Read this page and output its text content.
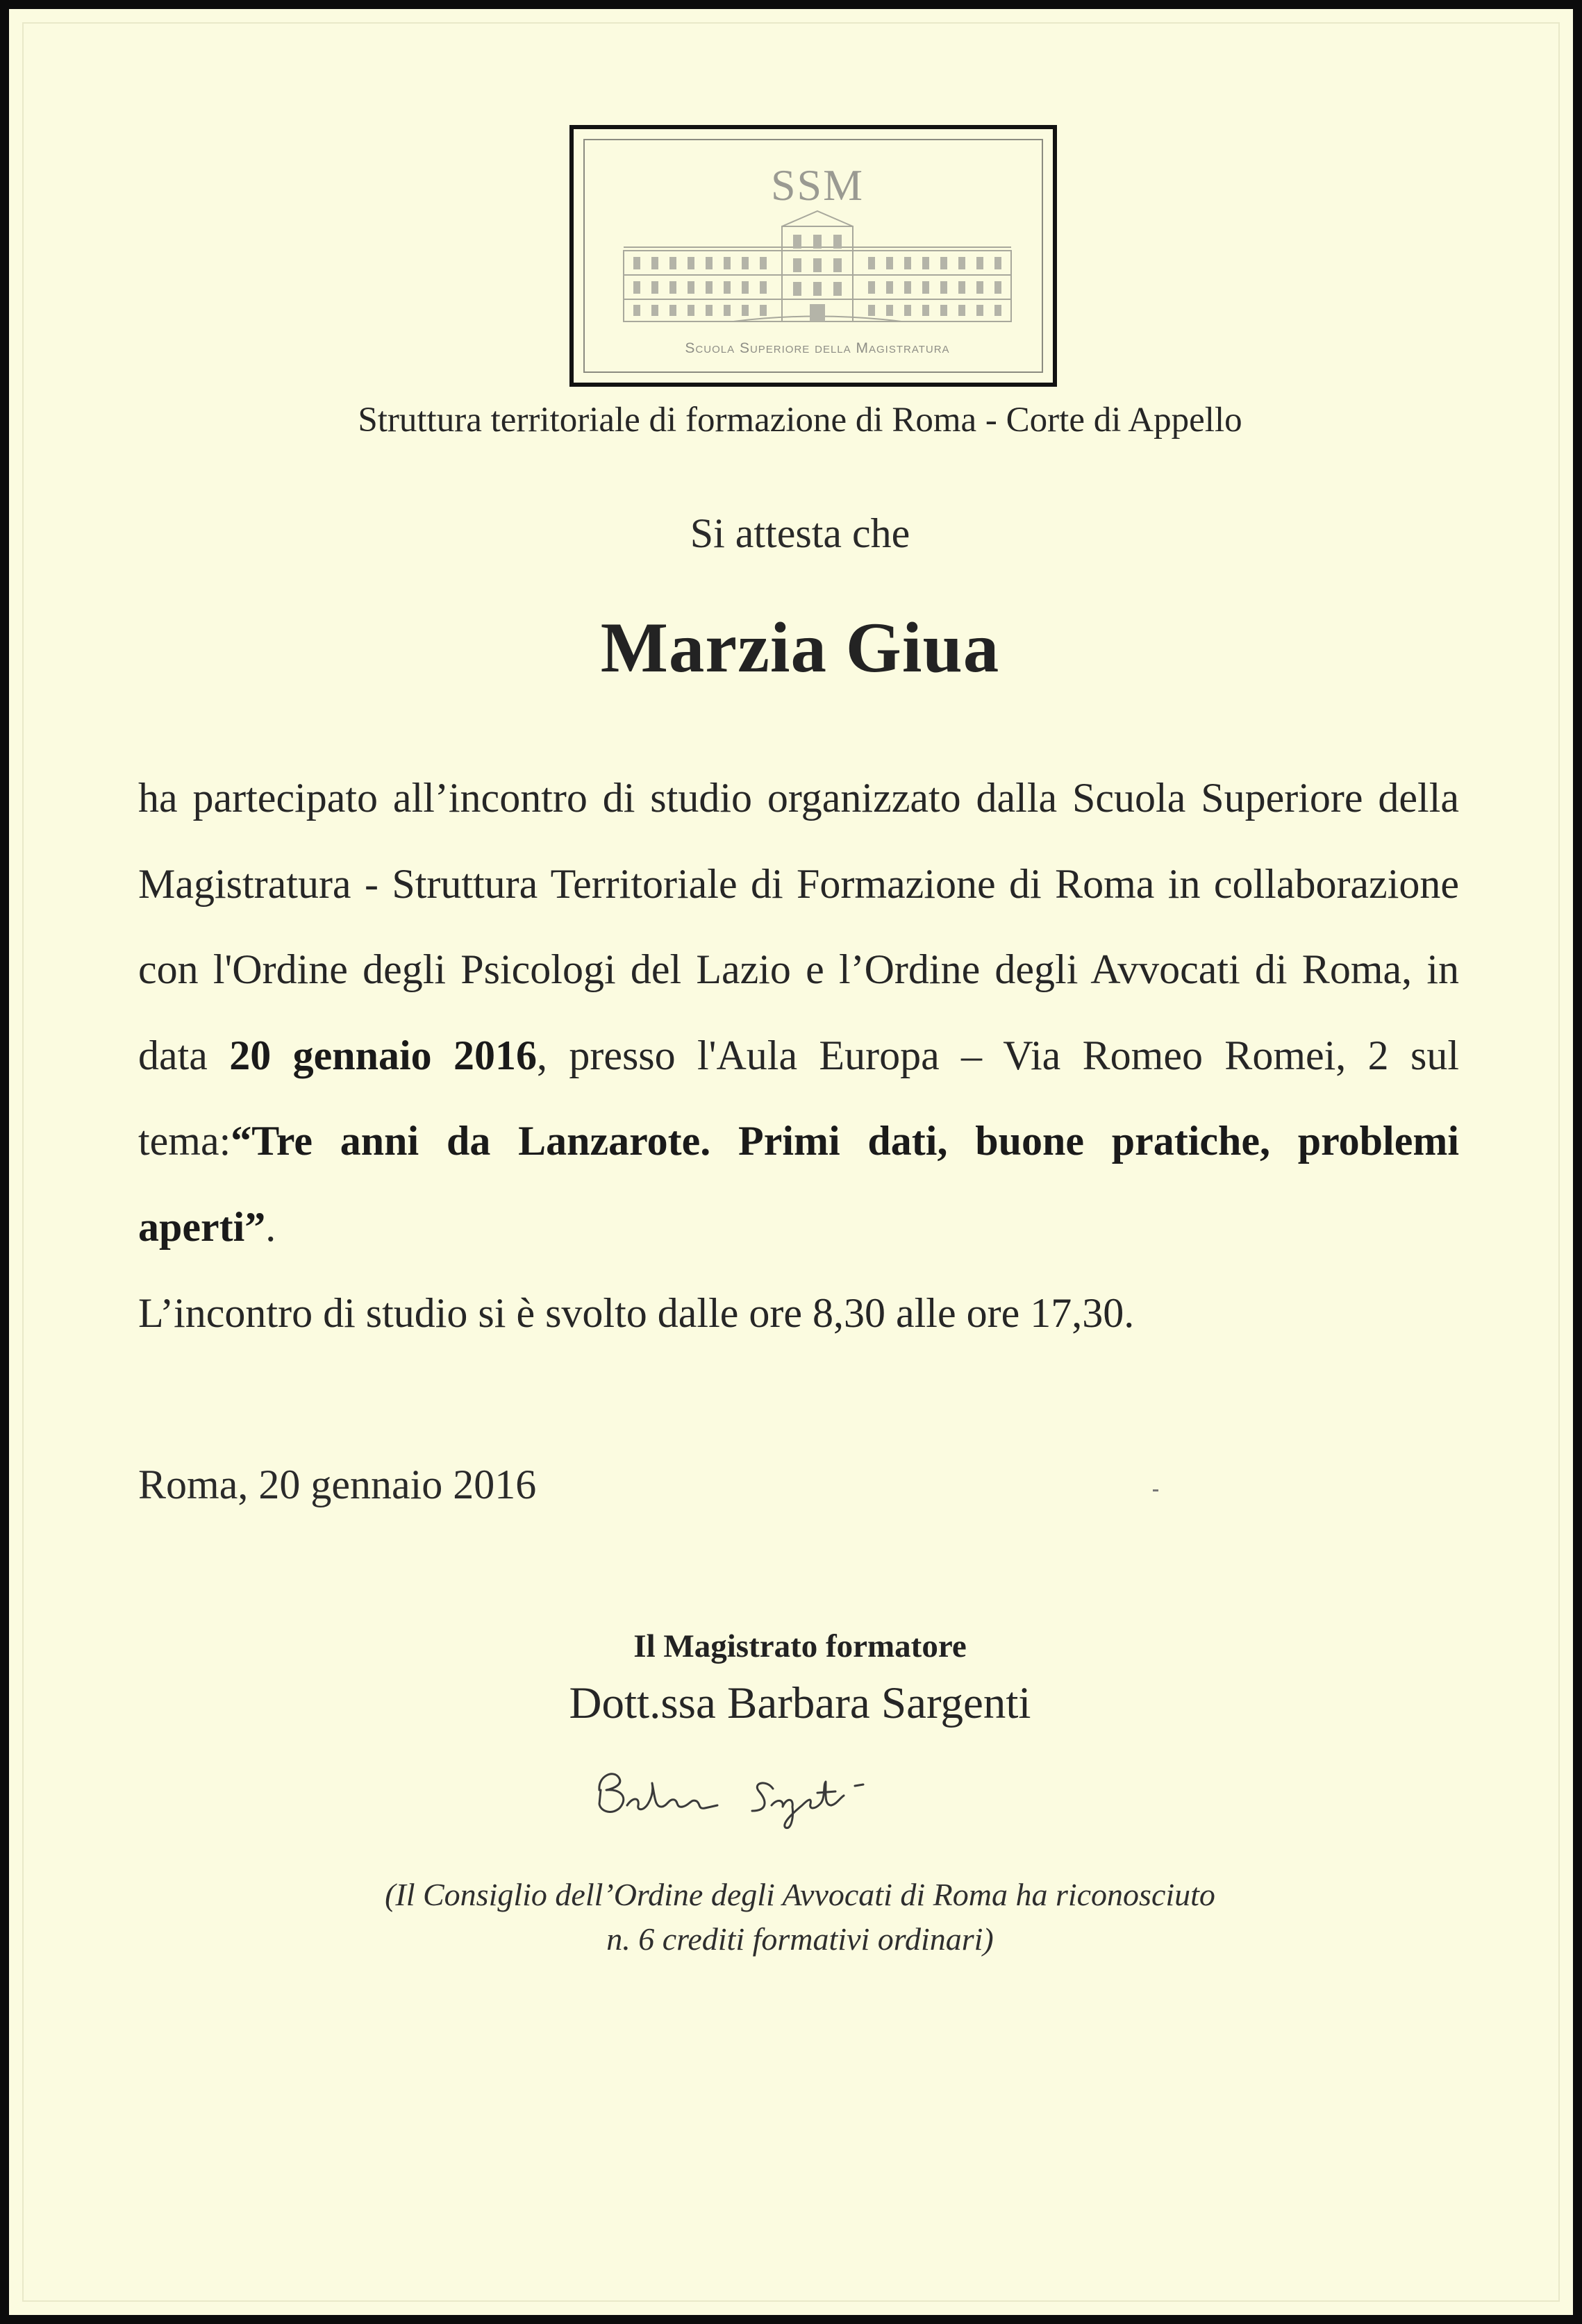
SSM
Scuola Superiore della Magistratura

Struttura territoriale di formazione di Roma - Corte di Appello

Si attesta che

Marzia Giua

ha partecipato all’incontro di studio organizzato dalla Scuola Superiore della Magistratura - Struttura Territoriale di Formazione di Roma in collaborazione con l'Ordine degli Psicologi del Lazio e l’Ordine degli Avvocati di Roma, in data 20 gennaio 2016, presso l'Aula Europa – Via Romeo Romei, 2 sul tema:“Tre anni da Lanzarote. Primi dati, buone pratiche, problemi aperti”.
L’incontro di studio si è svolto dalle ore 8,30 alle ore 17,30.

Roma, 20 gennaio 2016

Il Magistrato formatore

Dott.ssa Barbara Sargenti

(Il Consiglio dell’Ordine degli Avvocati di Roma ha riconosciuto

n. 6 crediti formativi ordinari)
